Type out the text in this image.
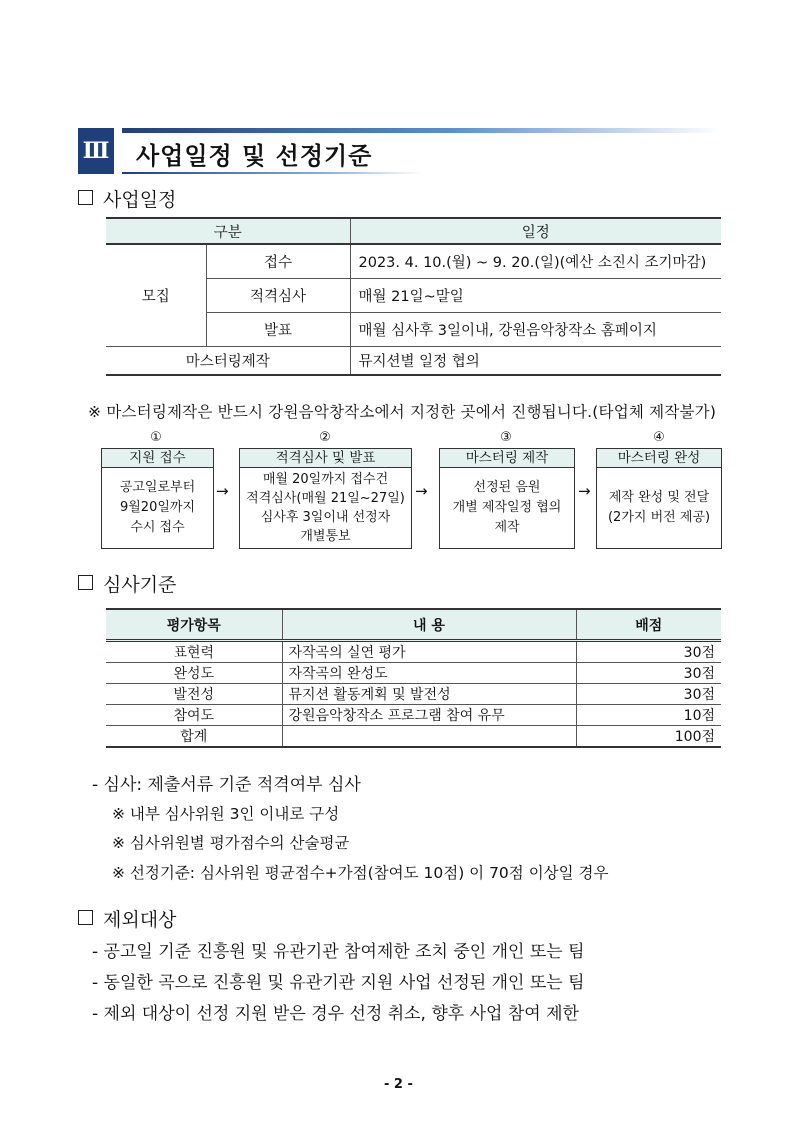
Ⅲ 사업일정 및 선정기준
사업일정
구분		일정
모집	접수	2023. 4. 10.(월) ~ 9. 20.(일)(예산 소진시 조기마감)
	적격심사	매월 21일~말일
	발표	매월 심사후 3일이내, 강원음악창작소 홈페이지
마스터링제작		뮤지션별 일정 협의
※ 마스터링제작은 반드시 강원음악창작소에서 지정한 곳에서 진행됩니다.(타업체 제작불가)
①	②	③	④
지원 접수
공고일로부터
9월20일까지
수시 접수
→
적격심사 및 발표
매월 20일까지 접수건
적격심사(매월 21일~27일)
심사후 3일이내 선정자
개별통보
→
마스터링 제작
선정된 음원
개별 제작일정 협의
제작
→
마스터링 완성
제작 완성 및 전달
(2가지 버전 제공)
심사기준
평가항목	내 용	배점
표현력	자작곡의 실연 평가	30점
완성도	자작곡의 완성도	30점
발전성	뮤지션 활동계획 및 발전성	30점
참여도	강원음악창작소 프로그램 참여 유무	10점
합계		100점
- 심사: 제출서류 기준 적격여부 심사
※ 내부 심사위원 3인 이내로 구성
※ 심사위원별 평가점수의 산술평균
※ 선정기준: 심사위원 평균점수+가점(참여도 10점) 이 70점 이상일 경우
제외대상
- 공고일 기준 진흥원 및 유관기관 참여제한 조치 중인 개인 또는 팀
- 동일한 곡으로 진흥원 및 유관기관 지원 사업 선정된 개인 또는 팀
- 제외 대상이 선정 지원 받은 경우 선정 취소, 향후 사업 참여 제한
- 2 -
